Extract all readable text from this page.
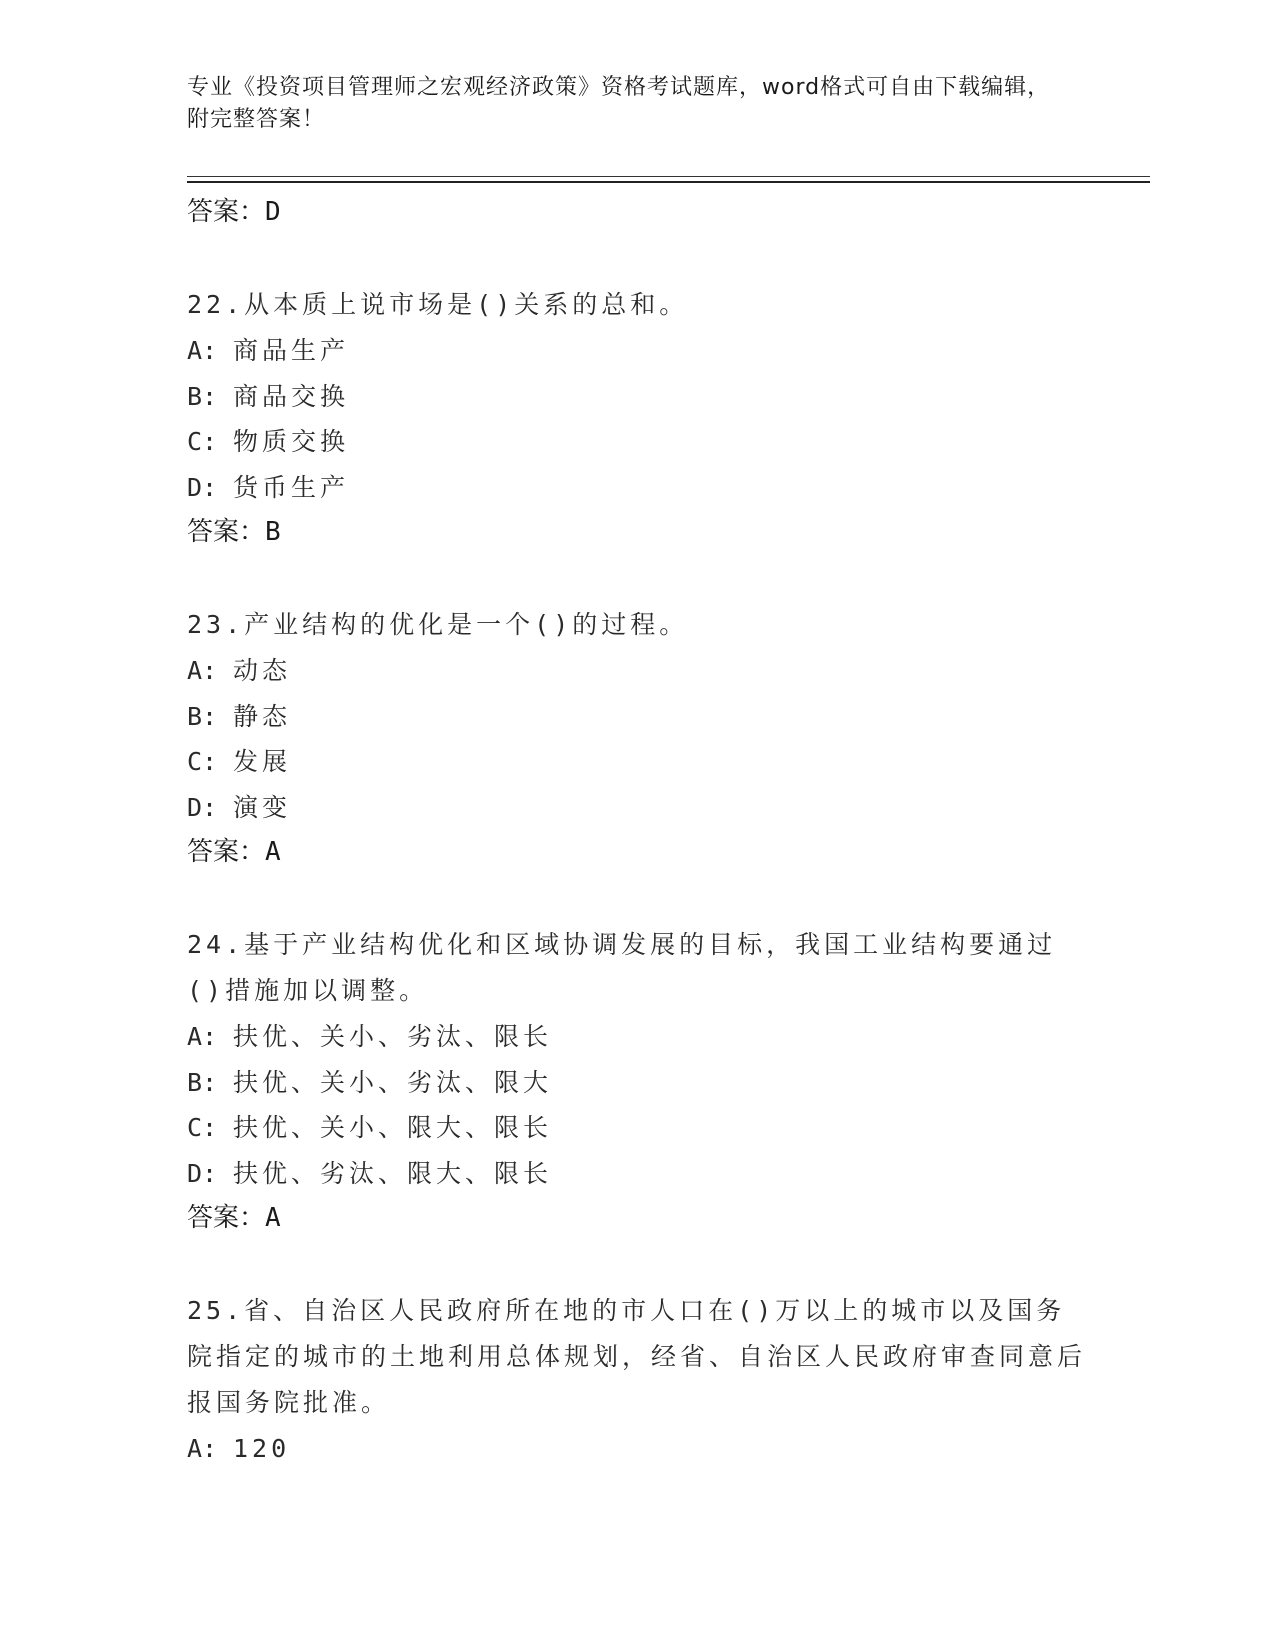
专业《投资项目管理师之宏观经济政策》资格考试题库，word格式可自由下载编辑，附完整答案！
答案：D
22.从本质上说市场是()关系的总和。
A: 商品生产
B: 商品交换
C: 物质交换
D: 货币生产
答案：B
23.产业结构的优化是一个()的过程。
A: 动态
B: 静态
C: 发展
D: 演变
答案：A
24.基于产业结构优化和区域协调发展的目标，我国工业结构要通过()措施加以调整。
A: 扶优、关小、劣汰、限长
B: 扶优、关小、劣汰、限大
C: 扶优、关小、限大、限长
D: 扶优、劣汰、限大、限长
答案：A
25.省、自治区人民政府所在地的市人口在()万以上的城市以及国务院指定的城市的土地利用总体规划，经省、自治区人民政府审查同意后报国务院批准。
A: 120
